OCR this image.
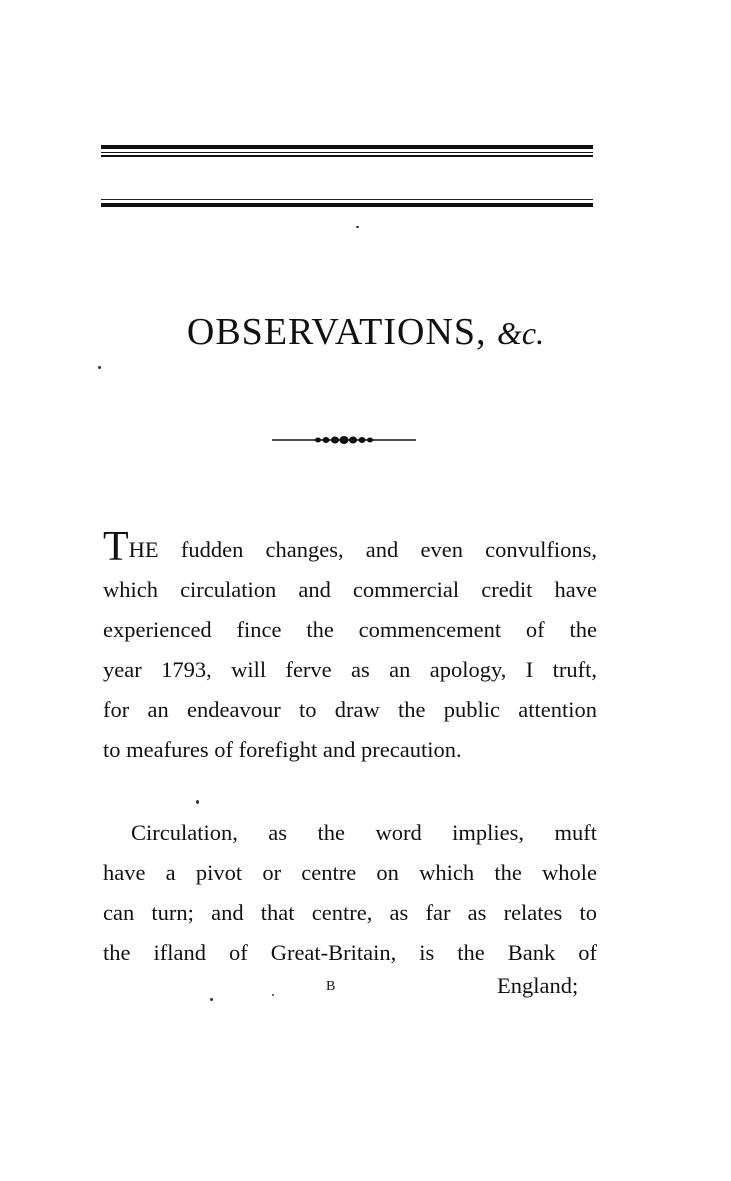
OBSERVATIONS, &c.
THE fudden changes, and even convulfions,
which circulation and commercial credit have
experienced fince the commencement of the
year 1793, will ferve as an apology, I truft,
for an endeavour to draw the public attention
to meafures of forefight and precaution.
Circulation, as the word implies, muft
have a pivot or centre on which the whole
can turn; and that centre, as far as relates to
the ifland of Great-Britain, is the Bank of
B	England;
